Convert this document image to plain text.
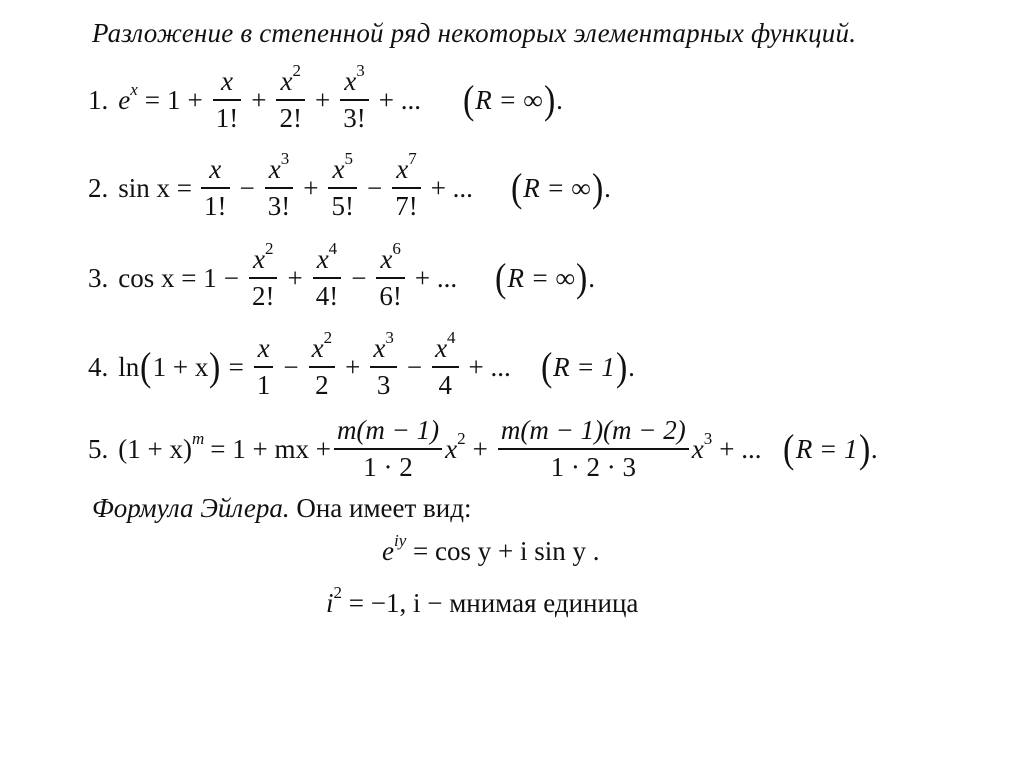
Разложение в степенной ряд некоторых элементарных функций.
1. $e^x = 1 + \frac{x}{1!} + \frac{x^2}{2!} + \frac{x^3}{3!}$ + ... ( R = ∞ ) .
2. $\sin x = \frac{x}{1!} - \frac{x^3}{3!} + \frac{x^5}{5!} - \frac{x^7}{7!}$ + ... ( R = ∞ ) .
3. $\cos x = 1 - \frac{x^2}{2!} + \frac{x^4}{4!} - \frac{x^6}{6!}$ + ... ( R = ∞ ) .
4. ln ( 1 + x ) = $\frac{x}{1} - \frac{x^2}{2} + \frac{x^3}{3} - \frac{x^4}{4}$ + ... ( R = 1 ) .
5. $(1 + x)^m = 1$ + mx + $\frac{m(m - 1)}{1 \cdot 2} x^2 + \frac{m(m - 1)(m - 2)}{1 \cdot 2 \cdot 3} x^3$ + ... ( R = 1 ) .
Формула Эйлера. Она имеет вид:
$e^{iy} = \cos y + i$ sin y .
$i^2 = -1$, i − мнимая единица
